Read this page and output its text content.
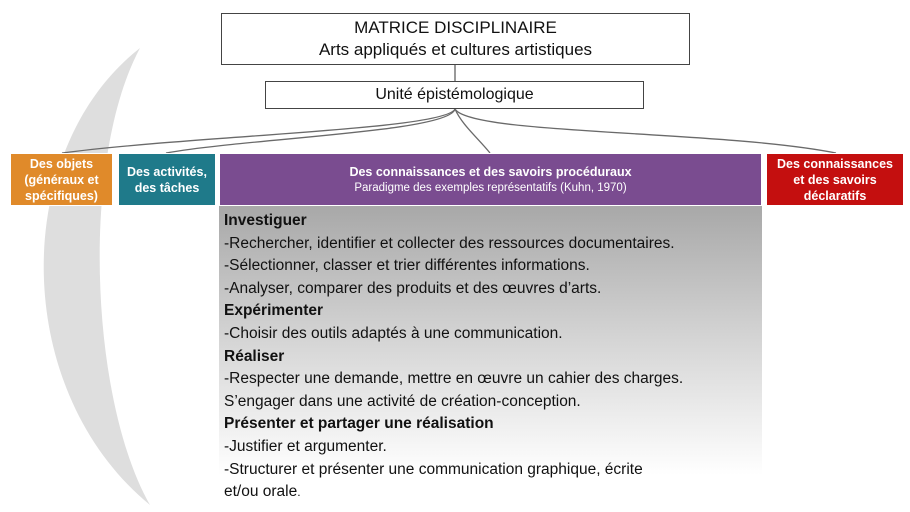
MATRICE DISCIPLINAIRE
Arts appliqués et cultures artistiques
Unité épistémologique
Des objets
(généraux et
spécifiques)
Des activités,
des tâches
Des connaissances et des savoirs procéduraux
Paradigme des exemples représentatifs (Kuhn, 1970)
Des connaissances
et des savoirs
déclaratifs
Investiguer
-Rechercher, identifier et collecter des ressources documentaires.
-Sélectionner, classer et trier différentes informations.
-Analyser, comparer des produits et des œuvres d’arts.
Expérimenter
-Choisir des outils adaptés à une communication.
Réaliser
-Respecter une demande, mettre en œuvre un cahier des charges.
S’engager dans une activité de création-conception.
Présenter et partager une réalisation
-Justifier et argumenter.
-Structurer et présenter une communication graphique, écrite
et/ou orale.
